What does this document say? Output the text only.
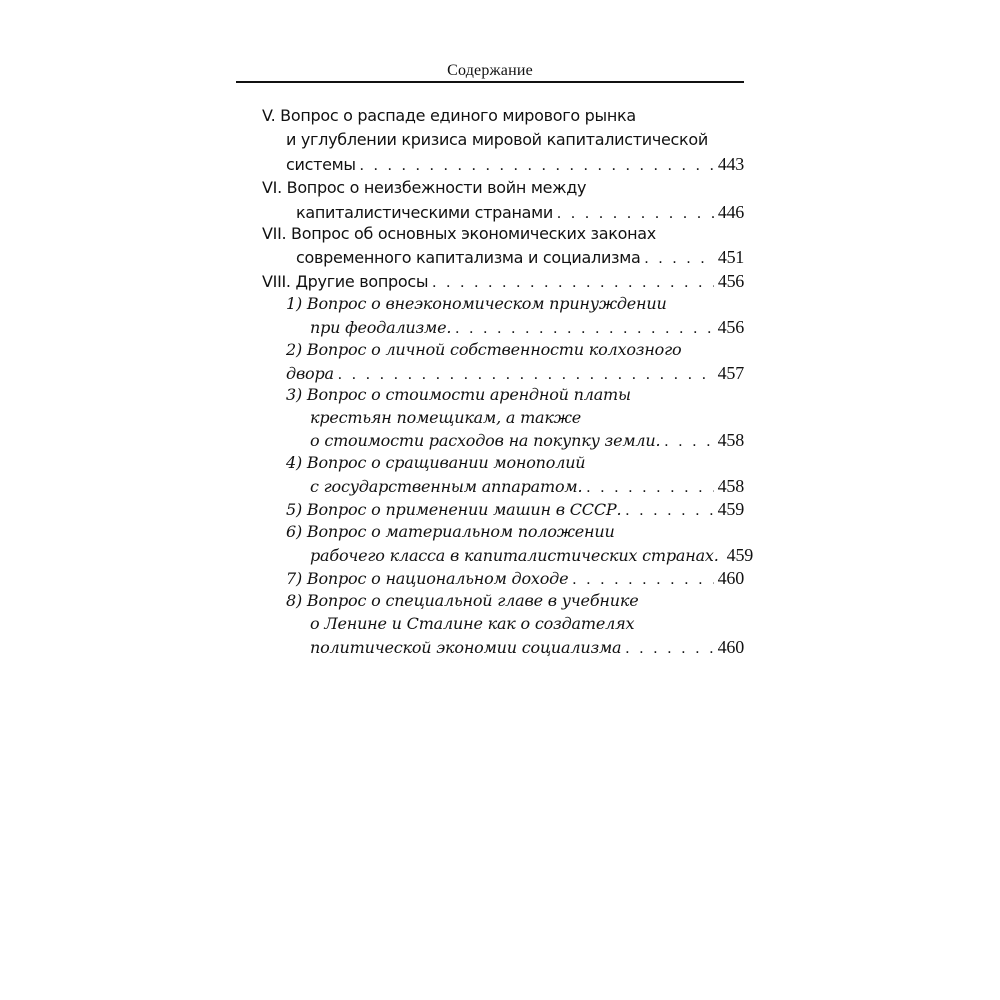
Содержание
V. Вопрос о распаде единого мирового рынка
и углублении кризиса мировой капиталистической
системы . . .	443
VI. Вопрос о неизбежности войн между
капиталистическими странами . . .	446
VII. Вопрос об основных экономических законах
современного капитализма и социализма . . .	451
VIII. Другие вопросы . . .	456
1) Вопрос о внеэкономическом принуждении
при феодализме. . . .	456
2) Вопрос о личной собственности колхозного
двора . . .	457
3) Вопрос о стоимости арендной платы
крестьян помещикам, а также
о стоимости расходов на покупку земли. . . .	458
4) Вопрос о сращивании монополий
с государственным аппаратом. . . .	458
5) Вопрос о применении машин в СССР. . . .	459
6) Вопрос о материальном положении
рабочего класса в капиталистических странах. 459
7) Вопрос о национальном доходе . . .	460
8) Вопрос о специальной главе в учебнике
о Ленине и Сталине как о создателях
политической экономии социализма . . .	460
